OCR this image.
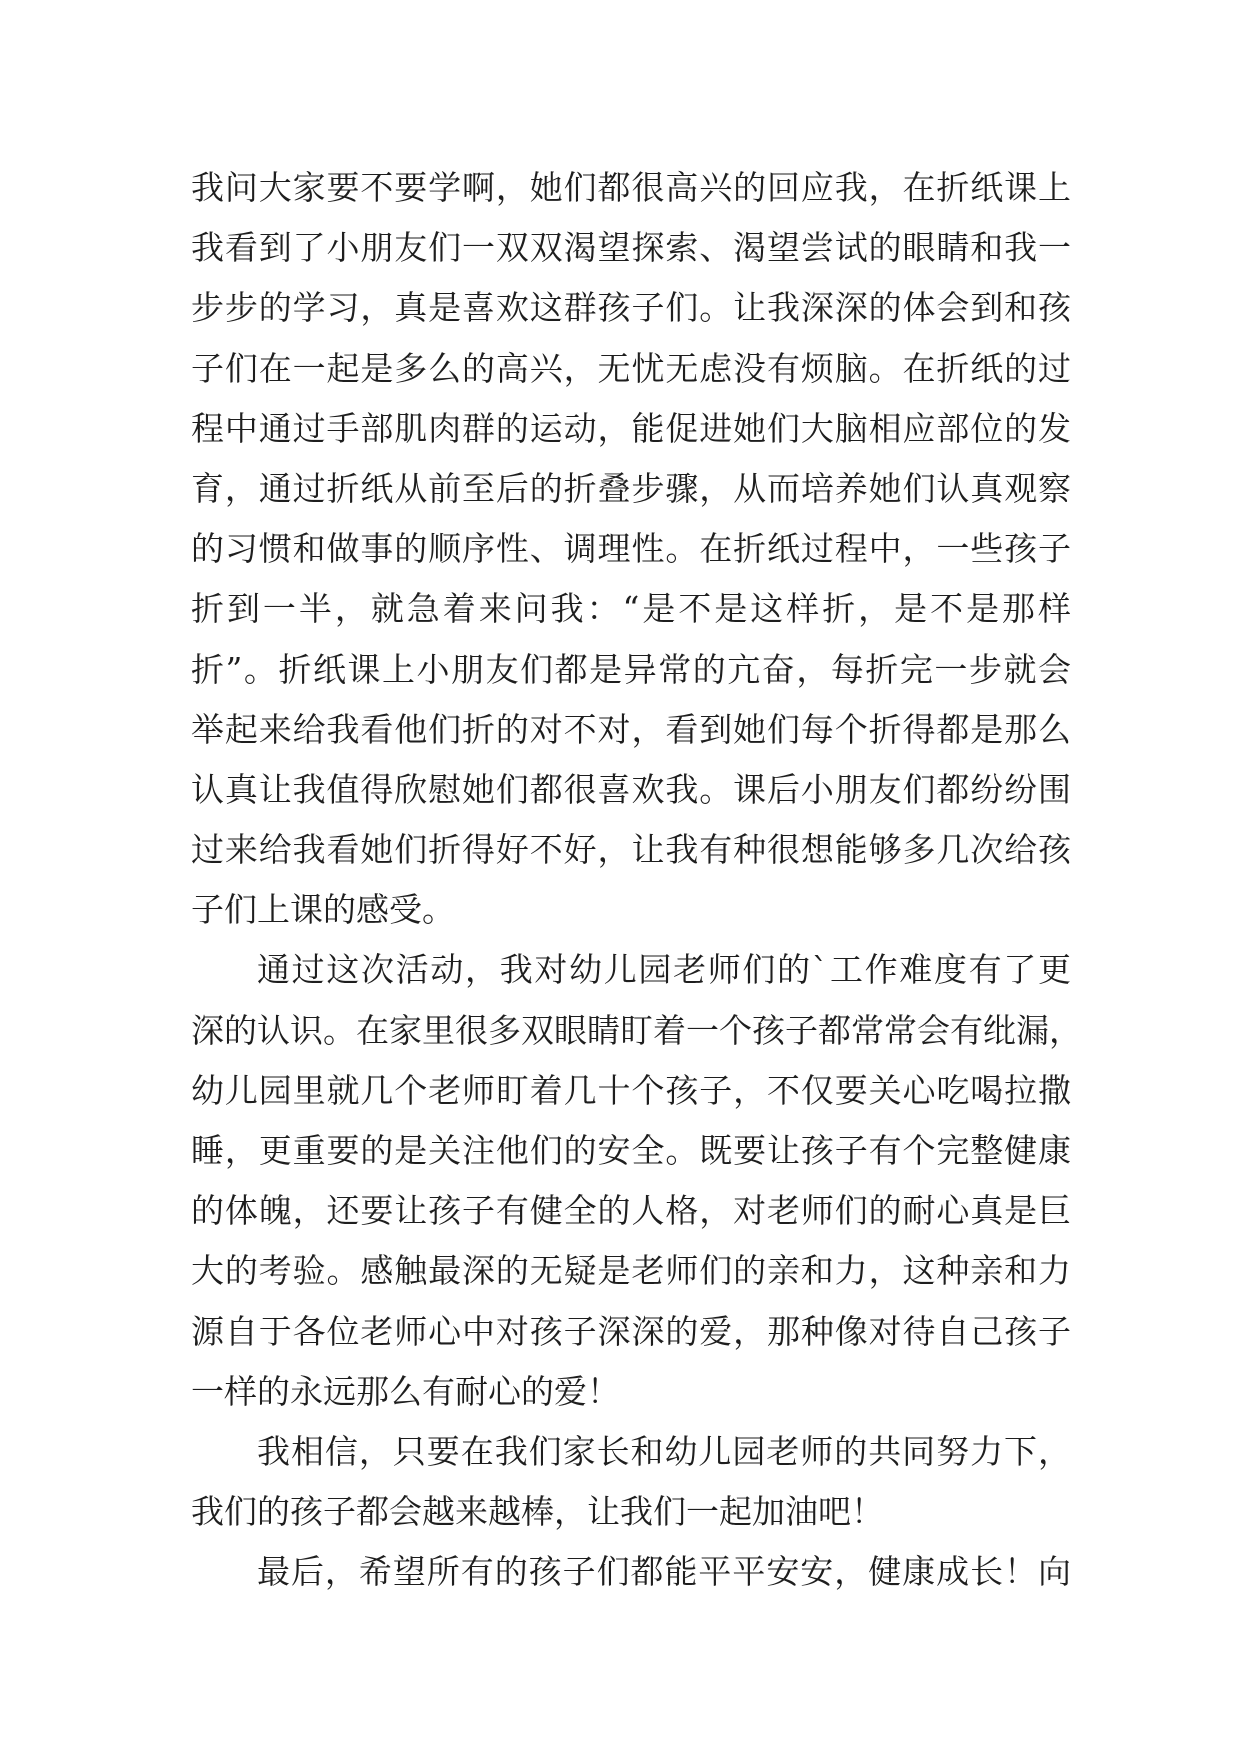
我问大家要不要学啊，她们都很高兴的回应我，在折纸课上
我看到了小朋友们一双双渴望探索、渴望尝试的眼睛和我一
步步的学习，真是喜欢这群孩子们。让我深深的体会到和孩
子们在一起是多么的高兴，无忧无虑没有烦脑。在折纸的过
程中通过手部肌肉群的运动，能促进她们大脑相应部位的发
育，通过折纸从前至后的折叠步骤，从而培养她们认真观察
的习惯和做事的顺序性、调理性。在折纸过程中，一些孩子
折到一半，就急着来问我：“是不是这样折，是不是那样
折”。折纸课上小朋友们都是异常的亢奋，每折完一步就会
举起来给我看他们折的对不对，看到她们每个折得都是那么
认真让我值得欣慰她们都很喜欢我。课后小朋友们都纷纷围
过来给我看她们折得好不好，让我有种很想能够多几次给孩
子们上课的感受。
通过这次活动，我对幼儿园老师们的`工作难度有了更
深的认识。在家里很多双眼睛盯着一个孩子都常常会有纰漏，
幼儿园里就几个老师盯着几十个孩子，不仅要关心吃喝拉撒
睡，更重要的是关注他们的安全。既要让孩子有个完整健康
的体魄，还要让孩子有健全的人格，对老师们的耐心真是巨
大的考验。感触最深的无疑是老师们的亲和力，这种亲和力
源自于各位老师心中对孩子深深的爱，那种像对待自己孩子
一样的永远那么有耐心的爱！
我相信，只要在我们家长和幼儿园老师的共同努力下，
我们的孩子都会越来越棒，让我们一起加油吧！
最后，希望所有的孩子们都能平平安安，健康成长！向
